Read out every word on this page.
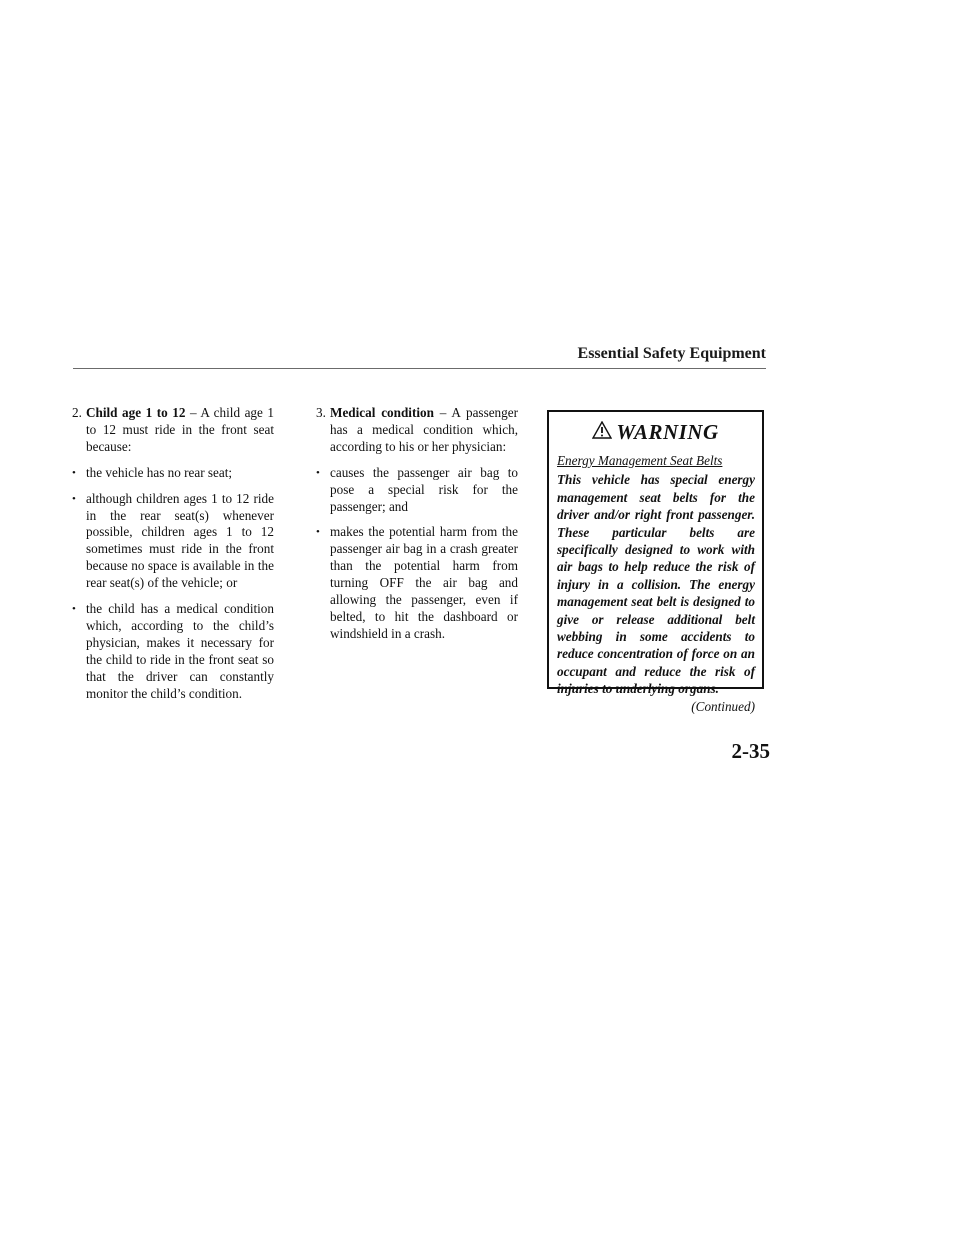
Essential Safety Equipment
2. Child age 1 to 12 – A child age 1 to 12 must ride in the front seat because:
• the vehicle has no rear seat;
• although children ages 1 to 12 ride in the rear seat(s) whenever possible, children ages 1 to 12 sometimes must ride in the front because no space is available in the rear seat(s) of the vehicle; or
• the child has a medical condition which, according to the child’s physician, makes it necessary for the child to ride in the front seat so that the driver can constantly monitor the child’s condition.
3. Medical condition – A passenger has a medical condition which, according to his or her physician:
• causes the passenger air bag to pose a special risk for the passenger; and
• makes the potential harm from the passenger air bag in a crash greater than the potential harm from turning OFF the air bag and allowing the passenger, even if belted, to hit the dashboard or windshield in a crash.
WARNING
Energy Management Seat Belts
This vehicle has special energy management seat belts for the driver and/or right front passenger. These particular belts are specifically designed to work with air bags to help reduce the risk of injury in a collision. The energy management seat belt is designed to give or release additional belt webbing in some accidents to reduce concentration of force on an occupant and reduce the risk of injuries to underlying organs.
(Continued)
2-35
